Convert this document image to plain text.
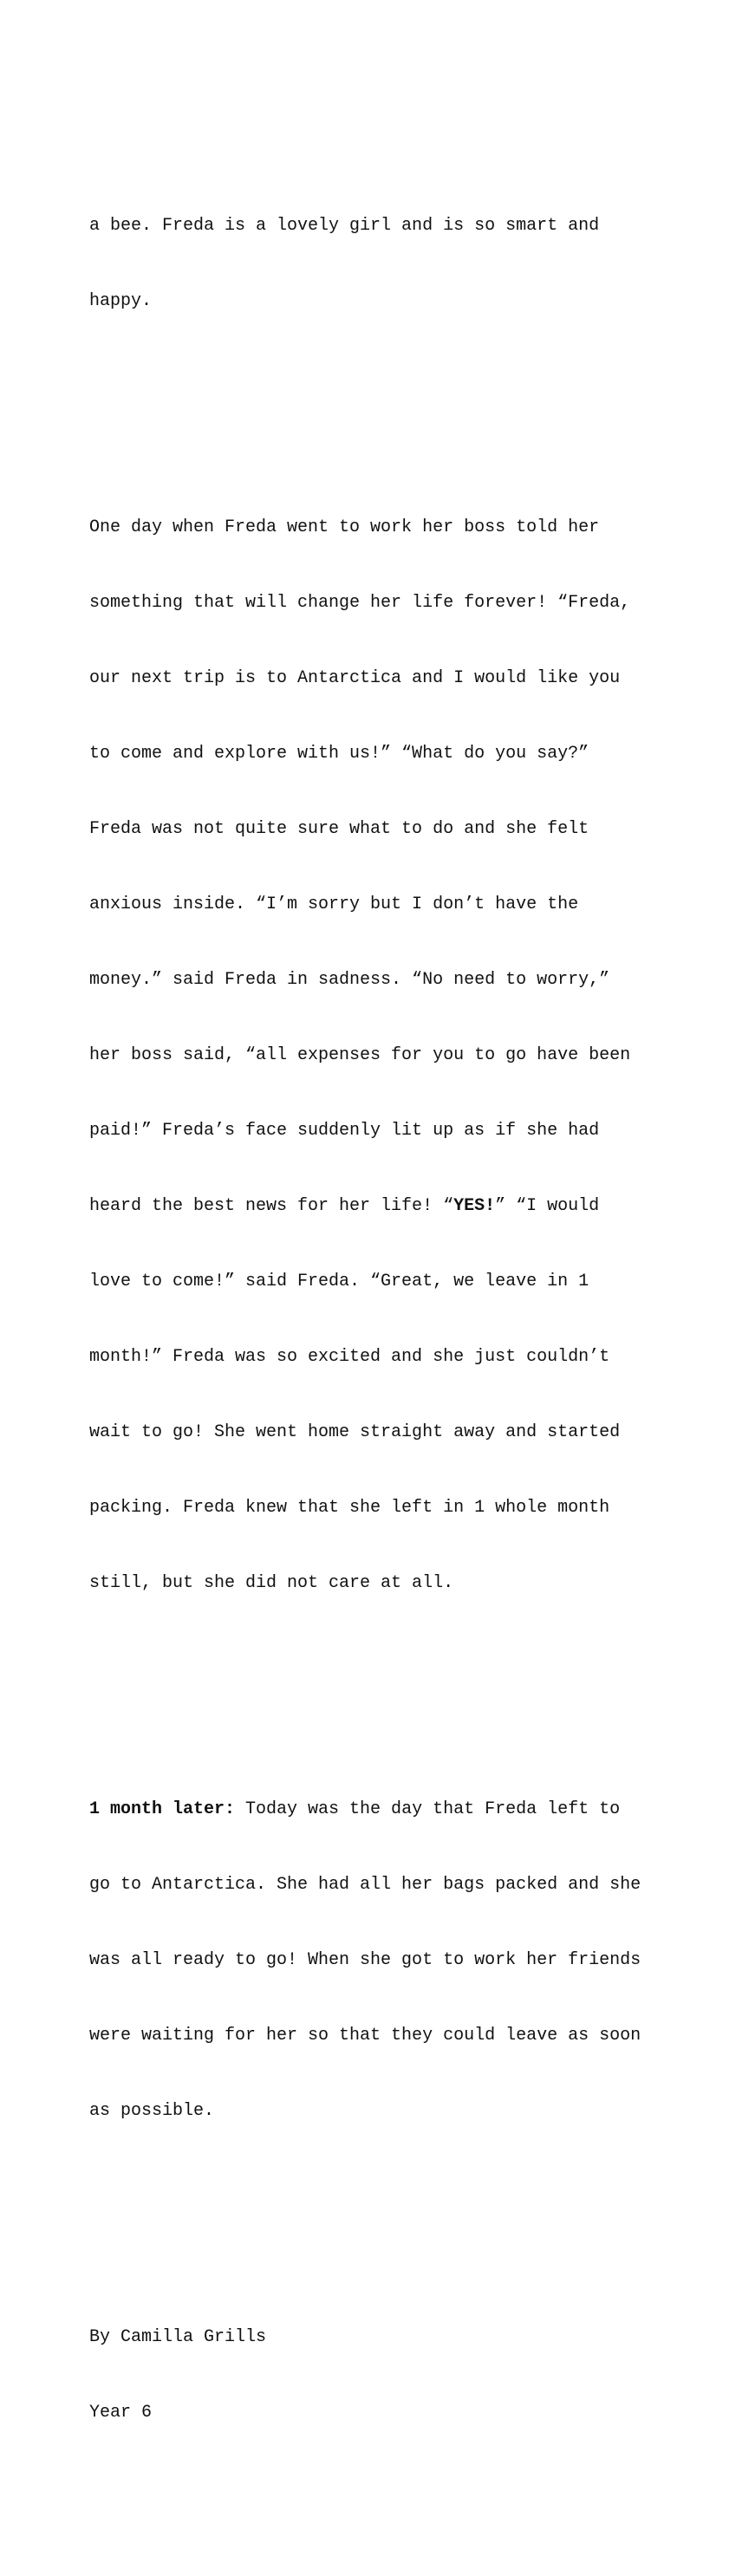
a bee. Freda is a lovely girl and is so smart and

happy.

One day when Freda went to work her boss told her

something that will change her life forever! “Freda,

our next trip is to Antarctica and I would like you

to come and explore with us!” “What do you say?”

Freda was not quite sure what to do and she felt

anxious inside. “I’m sorry but I don’t have the

money.” said Freda in sadness. “No need to worry,”

her boss said, “all expenses for you to go have been

paid!” Freda’s face suddenly lit up as if she had

heard the best news for her life! “YES!” “I would

love to come!” said Freda. “Great, we leave in 1

month!” Freda was so excited and she just couldn’t

wait to go! She went home straight away and started

packing. Freda knew that she left in 1 whole month

still, but she did not care at all.

1 month later: Today was the day that Freda left to

go to Antarctica. She had all her bags packed and she

was all ready to go! When she got to work her friends

were waiting for her so that they could leave as soon

as possible.

By Camilla Grills

Year 6
